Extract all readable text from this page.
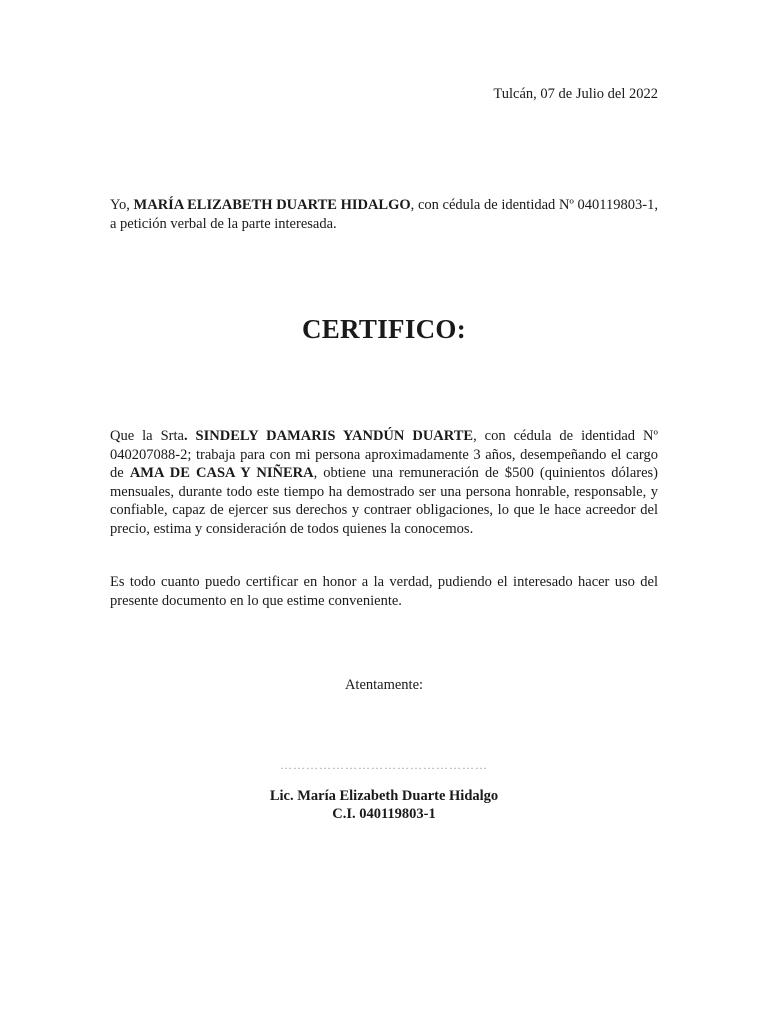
Tulcán, 07 de Julio del 2022

Yo, MARÍA ELIZABETH DUARTE HIDALGO, con cédula de identidad Nº 040119803-1, a petición verbal de la parte interesada.

CERTIFICO:

Que la Srta. SINDELY DAMARIS YANDÚN DUARTE, con cédula de identidad Nº 040207088-2; trabaja para con mi persona aproximadamente 3 años, desempeñando el cargo de AMA DE CASA Y NIÑERA, obtiene una remuneración de $500 (quinientos dólares) mensuales, durante todo este tiempo ha demostrado ser una persona honrable, responsable, y confiable, capaz de ejercer sus derechos y contraer obligaciones, lo que le hace acreedor del precio, estima y consideración de todos quienes la conocemos.

Es todo cuanto puedo certificar en honor a la verdad, pudiendo el interesado hacer uso del presente documento en lo que estime conveniente.

Atentamente:
…………………………………………
Lic. María Elizabeth Duarte Hidalgo
C.I. 040119803-1
